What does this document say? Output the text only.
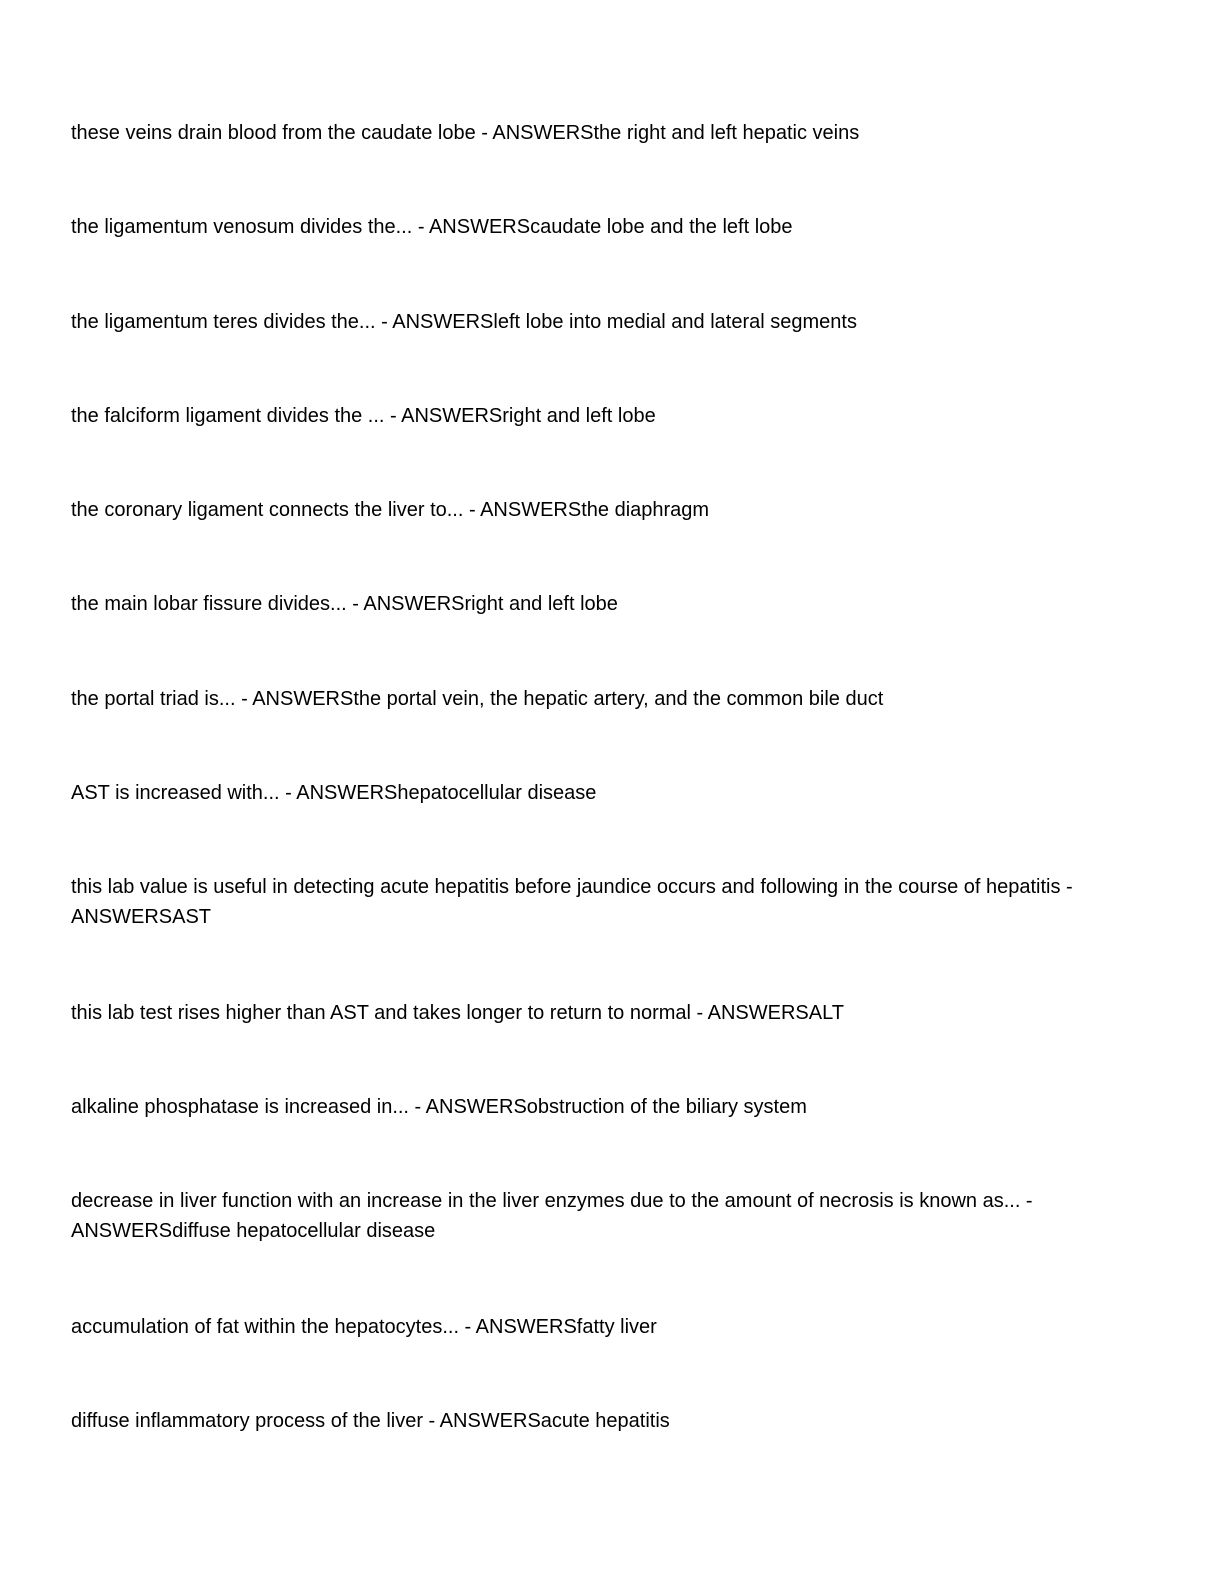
these veins drain blood from the caudate lobe - ANSWERSthe right and left hepatic veins

the ligamentum venosum divides the... - ANSWERScaudate lobe and the left lobe

the ligamentum teres divides the... - ANSWERSleft lobe into medial and lateral segments

the falciform ligament divides the ... - ANSWERSright and left lobe

the coronary ligament connects the liver to... - ANSWERSthe diaphragm

the main lobar fissure divides... - ANSWERSright and left lobe

the portal triad is... - ANSWERSthe portal vein, the hepatic artery, and the common bile duct

AST is increased with... - ANSWERShepatocellular disease

this lab value is useful in detecting acute hepatitis before jaundice occurs and following in the course of hepatitis - ANSWERSAST

this lab test rises higher than AST and takes longer to return to normal - ANSWERSALT

alkaline phosphatase is increased in... - ANSWERSobstruction of the biliary system

decrease in liver function with an increase in the liver enzymes due to the amount of necrosis is known as... - ANSWERSdiffuse hepatocellular disease

accumulation of fat within the hepatocytes... - ANSWERSfatty liver

diffuse inflammatory process of the liver - ANSWERSacute hepatitis
